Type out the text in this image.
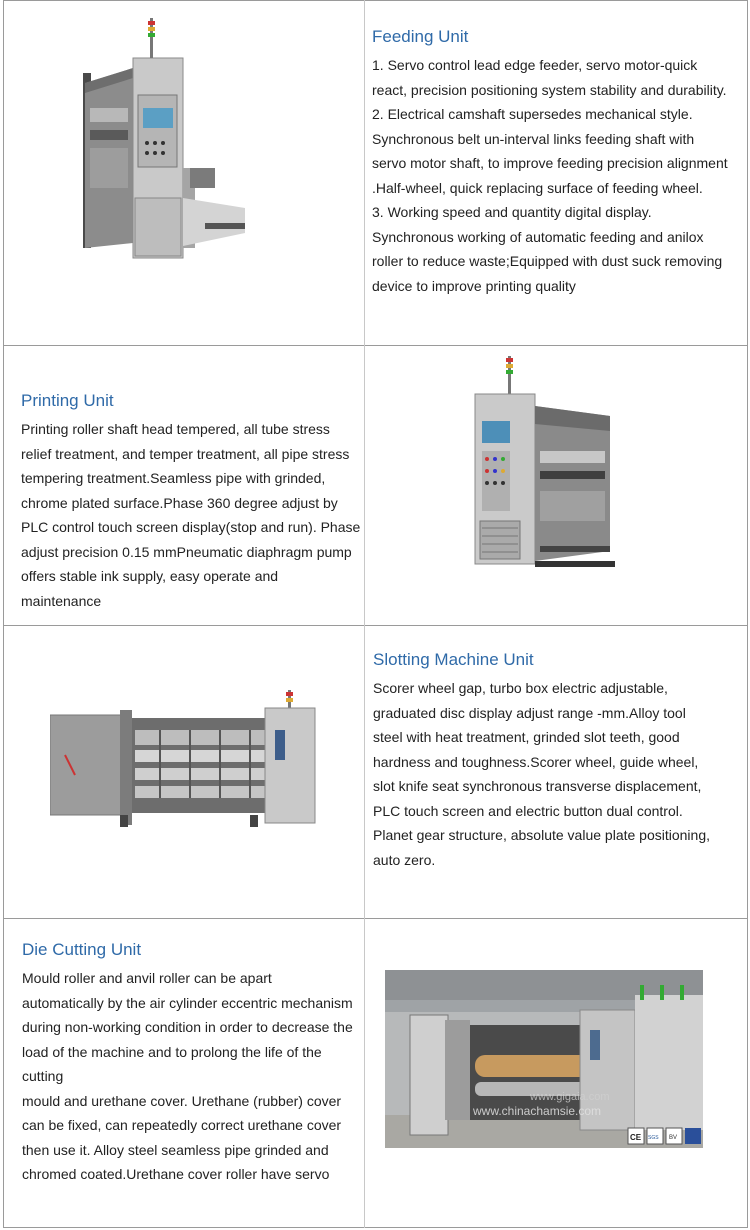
Feeding Unit

1. Servo control lead edge feeder, servo motor-quick
react, precision positioning system stability and durability.
2. Electrical camshaft supersedes mechanical style.
Synchronous belt un-interval links feeding shaft with
servo motor shaft, to improve feeding precision alignment
.Half-wheel, quick replacing surface of feeding wheel.
3. Working speed and quantity digital display.
Synchronous working of automatic feeding and anilox
roller to reduce waste;Equipped with dust suck removing
device to improve printing quality

Printing Unit

Printing roller shaft head tempered, all tube stress
relief treatment, and temper treatment, all pipe stress
tempering treatment.Seamless pipe with grinded,
chrome plated surface.Phase 360 degree adjust by
PLC control touch screen display(stop and run). Phase
adjust precision 0.15 mmPneumatic diaphragm pump
offers stable ink supply, easy operate and maintenance

Slotting Machine Unit

Scorer wheel gap, turbo box electric adjustable,
graduated disc display adjust range -mm.Alloy tool
steel with heat treatment, grinded slot teeth, good
hardness and toughness.Scorer wheel, guide wheel,
slot knife seat synchronous transverse displacement,
PLC touch screen and electric button dual control.
Planet gear structure, absolute value plate positioning,
auto zero.

Die Cutting Unit

Mould roller and anvil roller can be apart
automatically by the air cylinder eccentric mechanism
during non-working condition in order to decrease the
load of the machine and to prolong the life of the cutting
mould and urethane cover. Urethane (rubber) cover
can be fixed, can repeatedly correct urethane cover
then use it. Alloy steel seamless pipe grinded and
chromed coated.Urethane cover roller have servo

www.gigaia.com
www.chinachamsie.com
CE SGS BV
